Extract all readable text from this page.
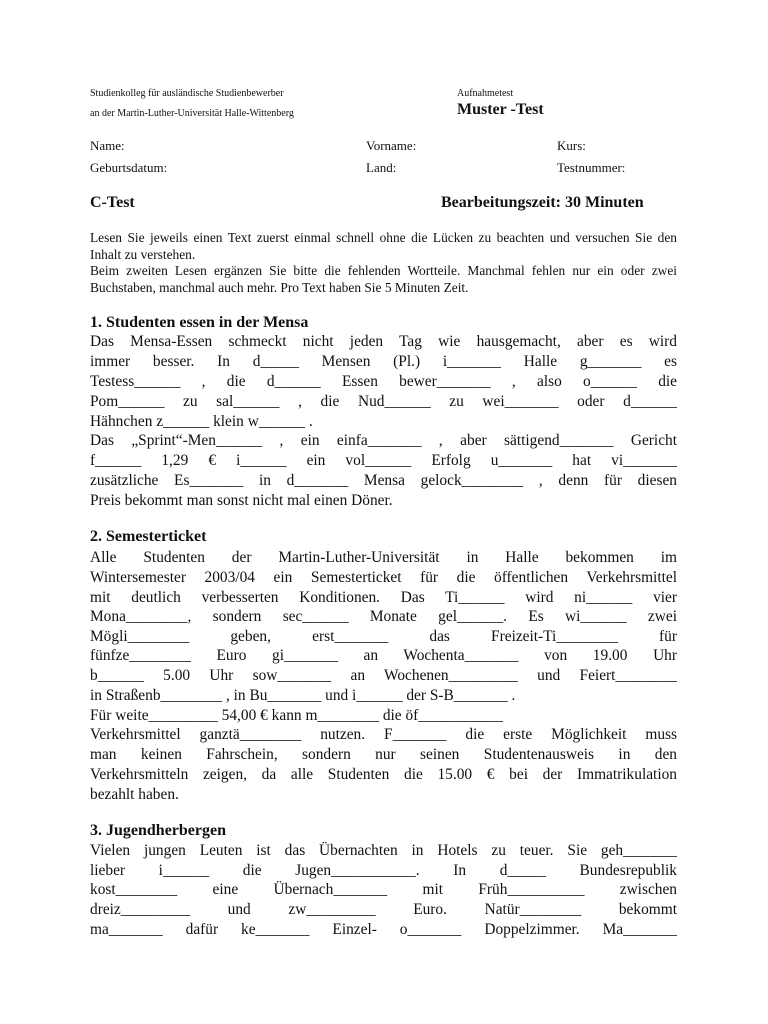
Studienkolleg für ausländische Studienbewerber
an der Martin-Luther-Universität Halle-Wittenberg
Aufnahmetest
Muster -Test
Name:	Vorname:	Kurs:
Geburtsdatum:	Land:	Testnummer:
C-Test	Bearbeitungszeit: 30 Minuten

Lesen Sie jeweils einen Text zuerst einmal schnell ohne die Lücken zu beachten und versuchen Sie den Inhalt zu verstehen.

Beim zweiten Lesen ergänzen Sie bitte die fehlenden Wortteile. Manchmal fehlen nur ein oder zwei Buchstaben, manchmal auch mehr. Pro Text haben Sie 5 Minuten Zeit.

1. Studenten essen in der Mensa
Das Mensa-Essen schmeckt nicht jeden Tag wie hausgemacht, aber es wird
immer besser. In d_____ Mensen (Pl.) i_______ Halle g_______ es
Testess______ , die d______ Essen bewer_______ , also o______ die
Pom______ zu sal______ , die Nud______ zu wei_______ oder d______
Hähnchen z______ klein w______ .
Das „Sprint“-Men______ , ein einfa_______ , aber sättigend_______ Gericht
f______ 1,29 € i______ ein vol______ Erfolg u_______ hat vi_______
zusätzliche Es_______ in d_______ Mensa gelock________ , denn für diesen
Preis bekommt man sonst nicht mal einen Döner.
2. Semesterticket
Alle Studenten der Martin-Luther-Universität in Halle bekommen im
Wintersemester 2003/04 ein Semesterticket für die öffentlichen Verkehrsmittel
mit deutlich verbesserten Konditionen. Das Ti______ wird ni______ vier
Mona________, sondern sec______ Monate gel______. Es wi______ zwei
Mögli________ geben, erst_______ das Freizeit-Ti________ für
fünfze________ Euro gi_______ an Wochenta_______ von 19.00 Uhr
b______ 5.00 Uhr sow_______ an Wochenen_________ und Feiert________
in Straßenb________ , in Bu_______ und i______ der S-B_______ .
Für weite_________ 54,00 € kann m________ die öf___________
Verkehrsmittel ganztä________ nutzen. F_______ die erste Möglichkeit muss
man keinen Fahrschein, sondern nur seinen Studentenausweis in den
Verkehrsmitteln zeigen, da alle Studenten die 15.00 € bei der Immatrikulation
bezahlt haben.
3. Jugendherbergen
Vielen jungen Leuten ist das Übernachten in Hotels zu teuer. Sie geh_______
lieber i______ die Jugen___________. In d_____ Bundesrepublik
kost________ eine Übernach_______ mit Früh__________ zwischen
dreiz_________ und zw_________ Euro. Natür________ bekommt
ma_______ dafür ke_______ Einzel- o_______ Doppelzimmer. Ma_______
